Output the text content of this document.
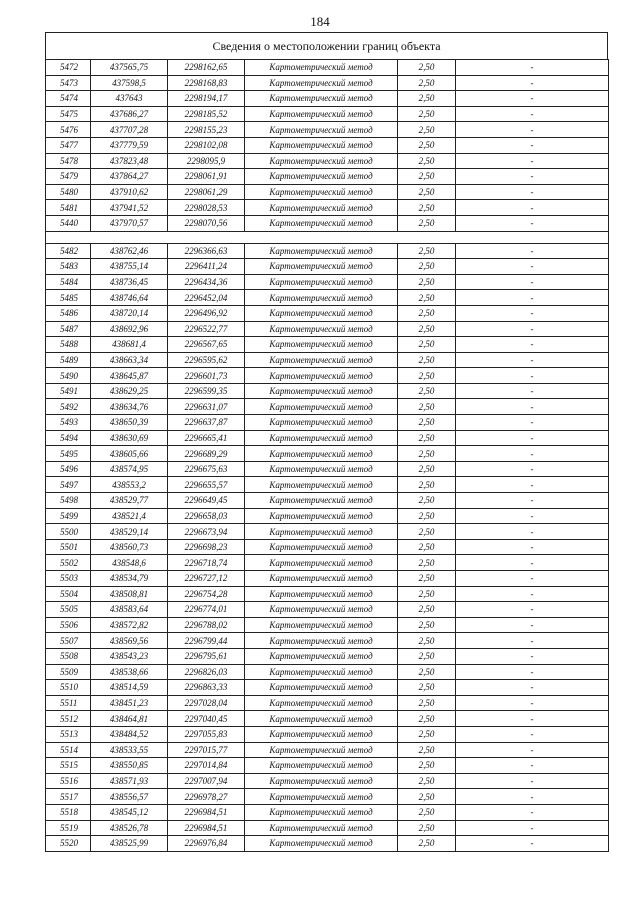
184
Сведения о местоположении границ объекта
5472	437565,75	2298162,65	Картометрический метод	2,50	-
5473	437598,5	2298168,83	Картометрический метод	2,50	-
5474	437643	2298194,17	Картометрический метод	2,50	-
5475	437686,27	2298185,52	Картометрический метод	2,50	-
5476	437707,28	2298155,23	Картометрический метод	2,50	-
5477	437779,59	2298102,08	Картометрический метод	2,50	-
5478	437823,48	2298095,9	Картометрический метод	2,50	-
5479	437864,27	2298061,91	Картометрический метод	2,50	-
5480	437910,62	2298061,29	Картометрический метод	2,50	-
5481	437941,52	2298028,53	Картометрический метод	2,50	-
5440	437970,57	2298070,56	Картометрический метод	2,50	-

5482	438762,46	2296366,63	Картометрический метод	2,50	-
5483	438755,14	2296411,24	Картометрический метод	2,50	-
5484	438736,45	2296434,36	Картометрический метод	2,50	-
5485	438746,64	2296452,04	Картометрический метод	2,50	-
5486	438720,14	2296496,92	Картометрический метод	2,50	-
5487	438692,96	2296522,77	Картометрический метод	2,50	-
5488	438681,4	2296567,65	Картометрический метод	2,50	-
5489	438663,34	2296595,62	Картометрический метод	2,50	-
5490	438645,87	2296601,73	Картометрический метод	2,50	-
5491	438629,25	2296599,35	Картометрический метод	2,50	-
5492	438634,76	2296631,07	Картометрический метод	2,50	-
5493	438650,39	2296637,87	Картометрический метод	2,50	-
5494	438630,69	2296665,41	Картометрический метод	2,50	-
5495	438605,66	2296689,29	Картометрический метод	2,50	-
5496	438574,95	2296675,63	Картометрический метод	2,50	-
5497	438553,2	2296655,57	Картометрический метод	2,50	-
5498	438529,77	2296649,45	Картометрический метод	2,50	-
5499	438521,4	2296658,03	Картометрический метод	2,50	-
5500	438529,14	2296673,94	Картометрический метод	2,50	-
5501	438560,73	2296698,23	Картометрический метод	2,50	-
5502	438548,6	2296718,74	Картометрический метод	2,50	-
5503	438534,79	2296727,12	Картометрический метод	2,50	-
5504	438508,81	2296754,28	Картометрический метод	2,50	-
5505	438583,64	2296774,01	Картометрический метод	2,50	-
5506	438572,82	2296788,02	Картометрический метод	2,50	-
5507	438569,56	2296799,44	Картометрический метод	2,50	-
5508	438543,23	2296795,61	Картометрический метод	2,50	-
5509	438538,66	2296826,03	Картометрический метод	2,50	-
5510	438514,59	2296863,33	Картометрический метод	2,50	-
5511	438451,23	2297028,04	Картометрический метод	2,50	-
5512	438464,81	2297040,45	Картометрический метод	2,50	-
5513	438484,52	2297055,83	Картометрический метод	2,50	-
5514	438533,55	2297015,77	Картометрический метод	2,50	-
5515	438550,85	2297014,84	Картометрический метод	2,50	-
5516	438571,93	2297007,94	Картометрический метод	2,50	-
5517	438556,57	2296978,27	Картометрический метод	2,50	-
5518	438545,12	2296984,51	Картометрический метод	2,50	-
5519	438526,78	2296984,51	Картометрический метод	2,50	-
5520	438525,99	2296976,84	Картометрический метод	2,50	-
